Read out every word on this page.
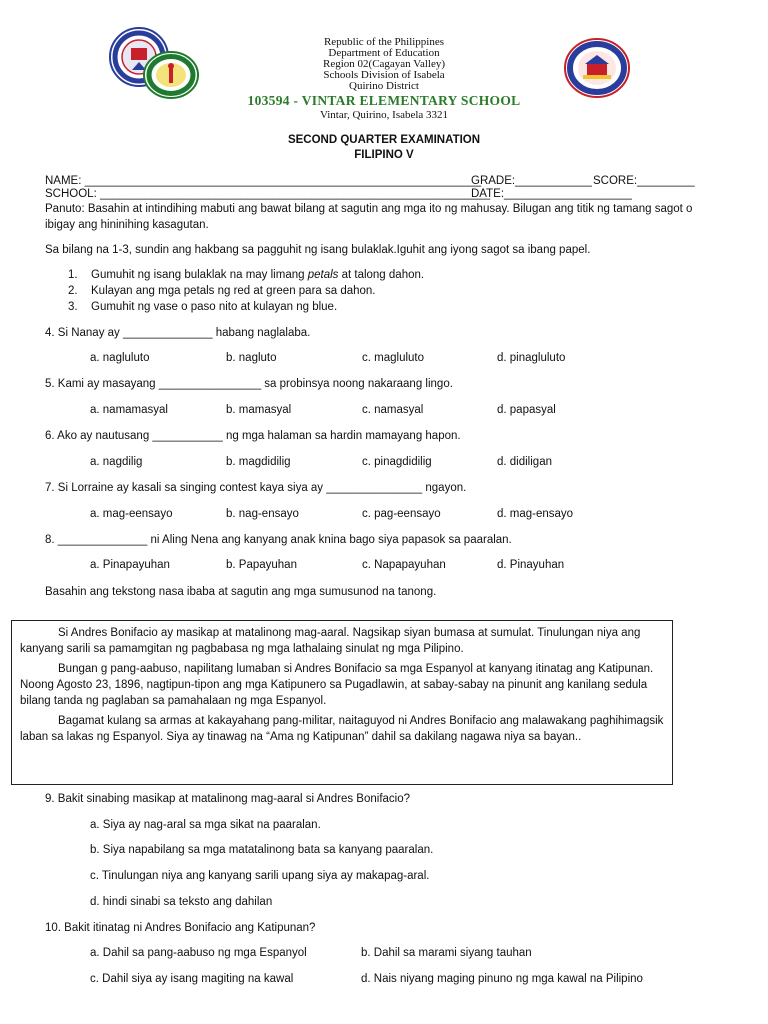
Republic of the Philippines
Department of Education
Region 02(Cagayan Valley)
Schools Division of Isabela
Quirino District
103594 - VINTAR ELEMENTARY SCHOOL
Vintar, Quirino, Isabela 3321
SECOND QUARTER EXAMINATION
FILIPINO V
NAME: ______________________________________________________________
GRADE:____________ SCORE:_________
SCHOOL: _____________________________________________________________
DATE:____________________
Panuto: Basahin at intindihing mabuti ang bawat bilang at sagutin ang mga ito ng mahusay. Bilugan ang titik ng tamang sagot o ibigay ang hininihing kasagutan.
Sa bilang na 1-3, sundin ang hakbang sa pagguhit ng isang bulaklak.Iguhit ang iyong sagot sa ibang papel.
1. Gumuhit ng isang bulaklak na may limang petals at talong dahon.
2. Kulayan ang mga petals ng red at green para sa dahon.
3. Gumuhit ng vase o paso nito at kulayan ng blue.
4. Si Nanay ay ______________ habang naglalaba.
a. nagluluto	b. nagluto	c. magluluto	d. pinagluluto
5. Kami ay masayang ________________ sa probinsya noong nakaraang lingo.
a. namamasyal	b. mamasyal	c. namasyal	d. papasyal
6. Ako ay nautusang ___________ ng mga halaman sa hardin mamayang hapon.
a. nagdilig	b. magdidilig	c. pinagdidilig	d. didiligan
7. Si Lorraine ay kasali sa singing contest kaya siya ay _______________ ngayon.
a. mag-eensayo	b. nag-ensayo	c. pag-eensayo	d. mag-ensayo
8. ______________ ni Aling Nena ang kanyang anak knina bago siya papasok sa paaralan.
a. Pinapayuhan	b. Papayuhan	c. Napapayuhan	d. Pinayuhan
Basahin ang tekstong nasa ibaba at sagutin ang mga sumusunod na tanong.

Si Andres Bonifacio ay masikap at matalinong mag-aaral. Nagsikap siyan bumasa at sumulat. Tinulungan niya ang kanyang sarili sa pamamgitan ng pagbabasa ng mga lathalaing sinulat ng mga Pilipino.

Bungan g pang-aabuso, napilitang lumaban si Andres Bonifacio sa mga Espanyol at kanyang itinatag ang Katipunan. Noong Agosto 23, 1896, nagtipun-tipon ang mga Katipunero sa Pugadlawin, at sabay-sabay na pinunit ang kanilang sedula bilang tanda ng paglaban sa pamahalaan ng mga Espanyol.

Bagamat kulang sa armas at kakayahang pang-militar, naitaguyod ni Andres Bonifacio ang malawakang paghihimagsik laban sa lakas ng Espanyol. Siya ay tinawag na “Ama ng Katipunan” dahil sa dakilang nagawa niya sa bayan..

9. Bakit sinabing masikap at matalinong mag-aaral si Andres Bonifacio?
a. Siya ay nag-aral sa mga sikat na paaralan.
b. Siya napabilang sa mga matatalinong bata sa kanyang paaralan.
c. Tinulungan niya ang kanyang sarili upang siya ay makapag-aral.
d. hindi sinabi sa teksto ang dahilan
10. Bakit itinatag ni Andres Bonifacio ang Katipunan?
a. Dahil sa pang-aabuso ng mga Espanyol	b. Dahil sa marami siyang tauhan
c. Dahil siya ay isang magiting na kawal	d. Nais niyang maging pinuno ng mga kawal na Pilipino
